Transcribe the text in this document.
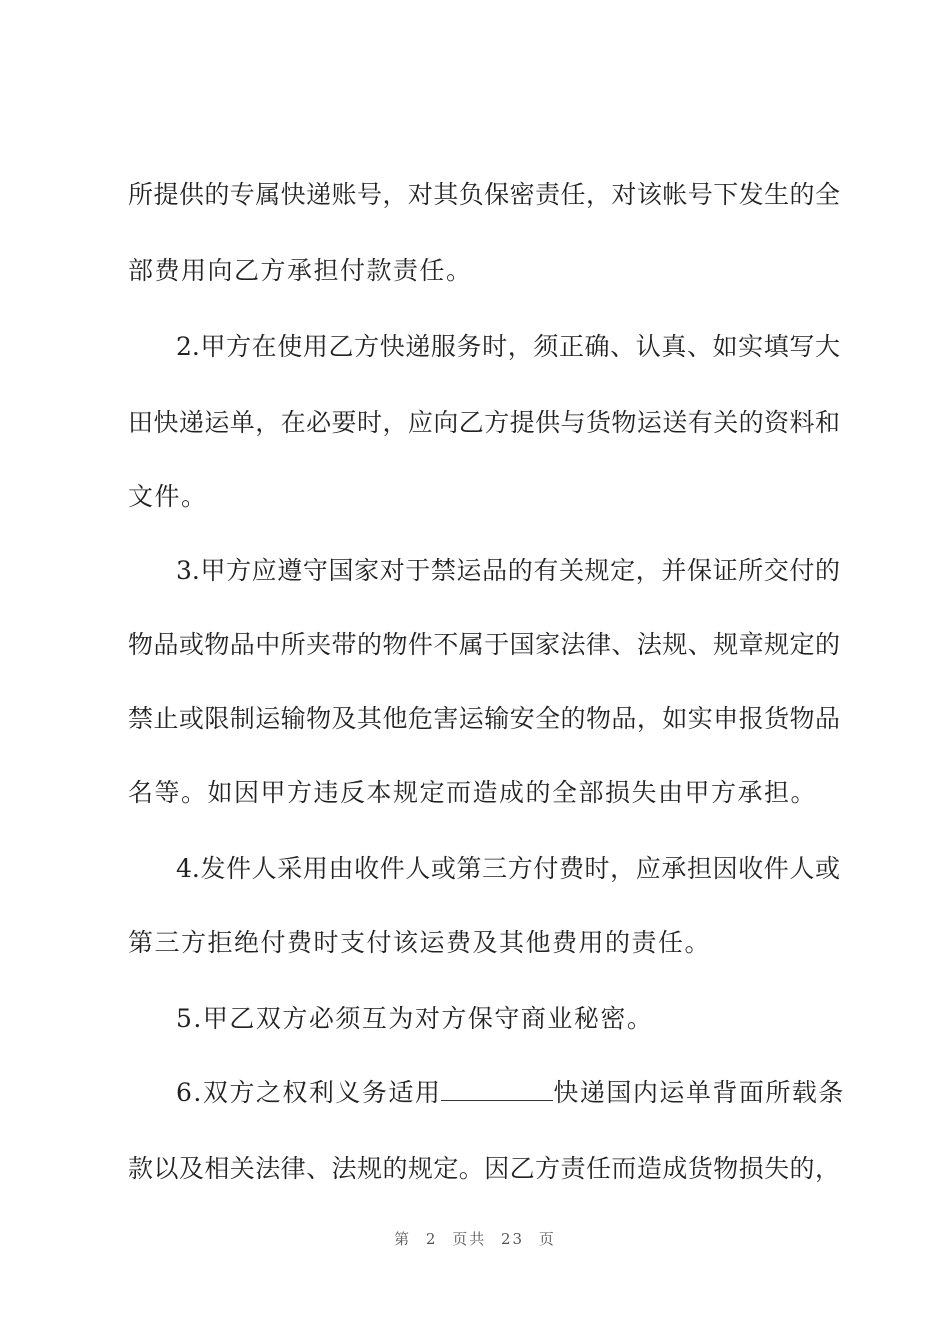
所提供的专属快递账号，对其负保密责任，对该帐号下发生的全
部费用向乙方承担付款责任。
2.甲方在使用乙方快递服务时，须正确、认真、如实填写大
田快递运单，在必要时，应向乙方提供与货物运送有关的资料和
文件。
3.甲方应遵守国家对于禁运品的有关规定，并保证所交付的
物品或物品中所夹带的物件不属于国家法律、法规、规章规定的
禁止或限制运输物及其他危害运输安全的物品，如实申报货物品
名等。如因甲方违反本规定而造成的全部损失由甲方承担。
4.发件人采用由收件人或第三方付费时，应承担因收件人或
第三方拒绝付费时支付该运费及其他费用的责任。
5.甲乙双方必须互为对方保守商业秘密。
6.双方之权利义务适用	快递国内运单背面所载条
款以及相关法律、法规的规定。因乙方责任而造成货物损失的，
第 2 页共 23 页
